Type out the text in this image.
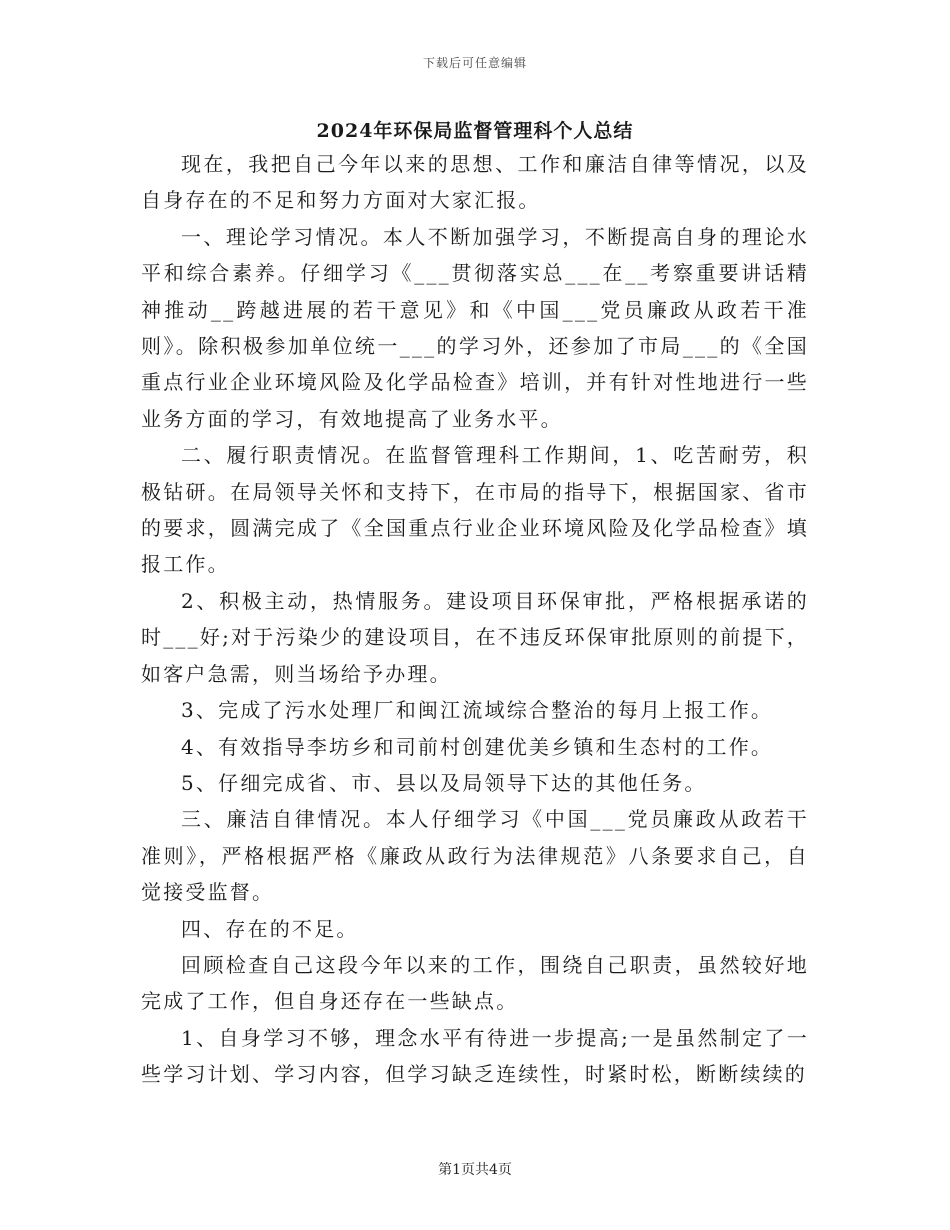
下载后可任意编辑
2024年环保局监督管理科个人总结

现在，我把自己今年以来的思想、工作和廉洁自律等情况，以及自身存在的不足和努力方面对大家汇报。

一、理论学习情况。本人不断加强学习，不断提高自身的理论水平和综合素养。仔细学习《___贯彻落实总___在__考察重要讲话精神推动__跨越进展的若干意见》和《中国___党员廉政从政若干准则》。除积极参加单位统一___的学习外，还参加了市局___的《全国重点行业企业环境风险及化学品检查》培训，并有针对性地进行一些业务方面的学习，有效地提高了业务水平。

二、履行职责情况。在监督管理科工作期间，1、吃苦耐劳，积极钻研。在局领导关怀和支持下，在市局的指导下，根据国家、省市的要求，圆满完成了《全国重点行业企业环境风险及化学品检查》填报工作。

2、积极主动，热情服务。建设项目环保审批，严格根据承诺的时___好;对于污染少的建设项目，在不违反环保审批原则的前提下，如客户急需，则当场给予办理。

3、完成了污水处理厂和闽江流域综合整治的每月上报工作。

4、有效指导李坊乡和司前村创建优美乡镇和生态村的工作。

5、仔细完成省、市、县以及局领导下达的其他任务。

三、廉洁自律情况。本人仔细学习《中国___党员廉政从政若干准则》，严格根据严格《廉政从政行为法律规范》八条要求自己，自觉接受监督。

四、存在的不足。

回顾检查自己这段今年以来的工作，围绕自己职责，虽然较好地完成了工作，但自身还存在一些缺点。

1、自身学习不够，理念水平有待进一步提高;一是虽然制定了一些学习计划、学习内容，但学习缺乏连续性，时紧时松，断断续续的

第1页共4页
